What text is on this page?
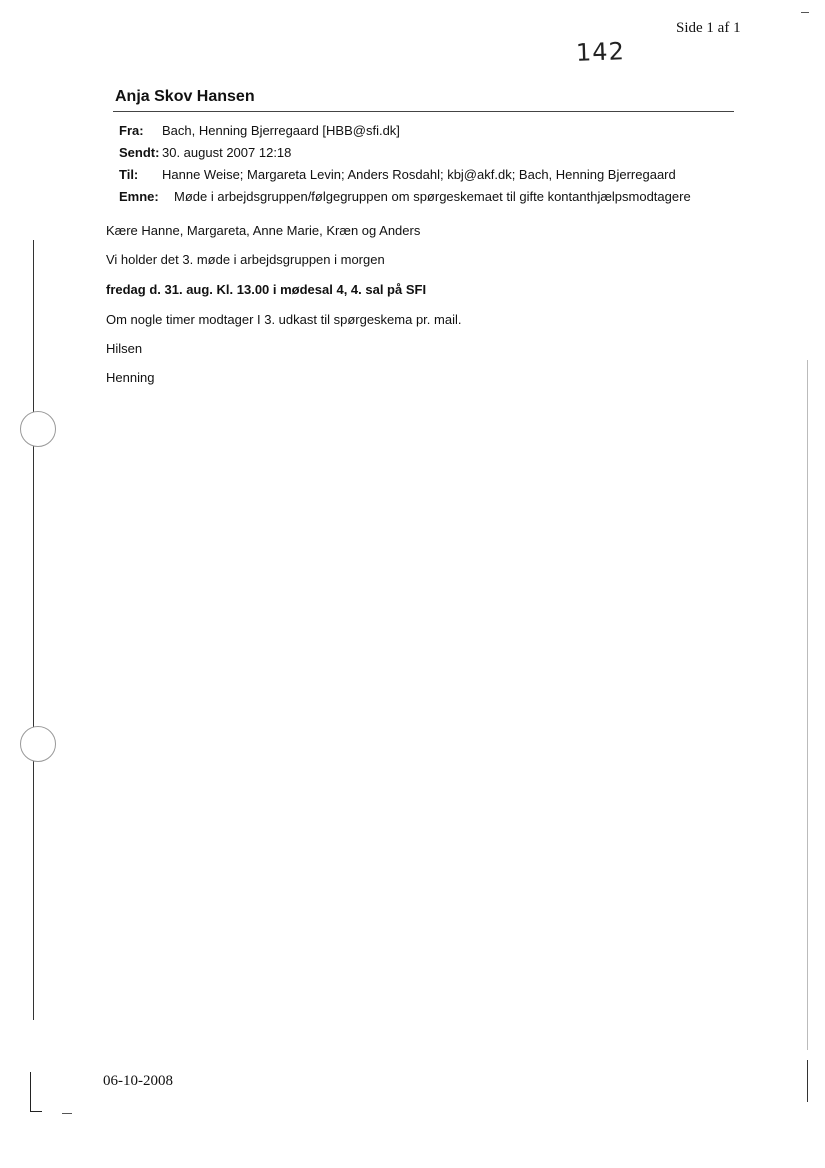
Side 1 af 1
142
Anja Skov Hansen
Fra: Bach, Henning Bjerregaard [HBB@sfi.dk]
Sendt: 30. august 2007 12:18
Til: Hanne Weise; Margareta Levin; Anders Rosdahl; kbj@akf.dk; Bach, Henning Bjerregaard
Emne: Møde i arbejdsgruppen/følgegruppen om spørgeskemaet til gifte kontanthjælpsmodtagere
Kære Hanne, Margareta, Anne Marie, Kræn og Anders
Vi holder det 3. møde i arbejdsgruppen i morgen
fredag d. 31. aug. Kl. 13.00 i mødesal 4, 4. sal på SFI
Om nogle timer modtager I 3. udkast til spørgeskema pr. mail.
Hilsen
Henning
06-10-2008
